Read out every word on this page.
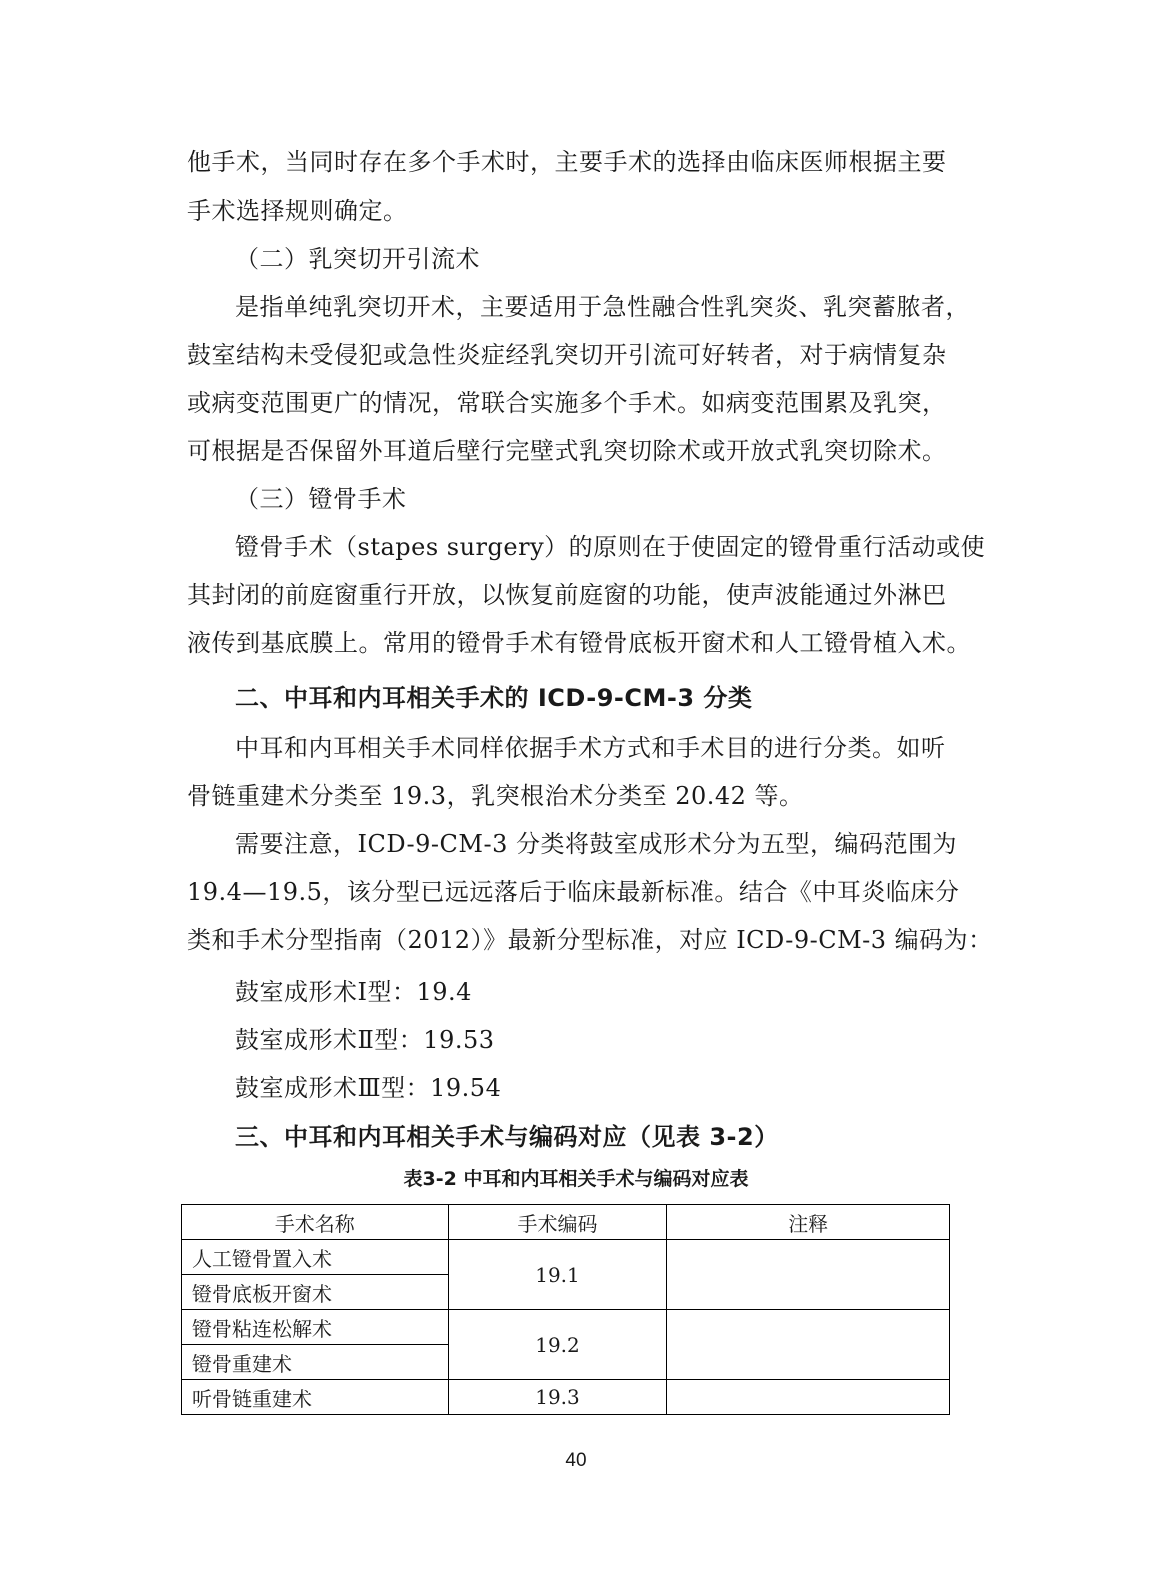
他手术，当同时存在多个手术时，主要手术的选择由临床医师根据主要
手术选择规则确定。
（二）乳突切开引流术
是指单纯乳突切开术，主要适用于急性融合性乳突炎、乳突蓄脓者，
鼓室结构未受侵犯或急性炎症经乳突切开引流可好转者，对于病情复杂
或病变范围更广的情况，常联合实施多个手术。如病变范围累及乳突，
可根据是否保留外耳道后壁行完壁式乳突切除术或开放式乳突切除术。
（三）镫骨手术
镫骨手术（stapes surgery）的原则在于使固定的镫骨重行活动或使
其封闭的前庭窗重行开放，以恢复前庭窗的功能，使声波能通过外淋巴
液传到基底膜上。常用的镫骨手术有镫骨底板开窗术和人工镫骨植入术。
二、中耳和内耳相关手术的 ICD-9-CM-3 分类
中耳和内耳相关手术同样依据手术方式和手术目的进行分类。如听
骨链重建术分类至 19.3，乳突根治术分类至 20.42 等。
需要注意，ICD-9-CM-3 分类将鼓室成形术分为五型，编码范围为
19.4—19.5，该分型已远远落后于临床最新标准。结合《中耳炎临床分
类和手术分型指南（2012）》最新分型标准，对应 ICD-9-CM-3 编码为：
鼓室成形术Ⅰ型：19.4
鼓室成形术Ⅱ型：19.53
鼓室成形术Ⅲ型：19.54
三、中耳和内耳相关手术与编码对应（见表 3-2）
表3-2 中耳和内耳相关手术与编码对应表
手术名称	手术编码	注释
人工镫骨置入术	19.1	
镫骨底板开窗术		
镫骨粘连松解术	19.2	
镫骨重建术		
听骨链重建术	19.3	
40
